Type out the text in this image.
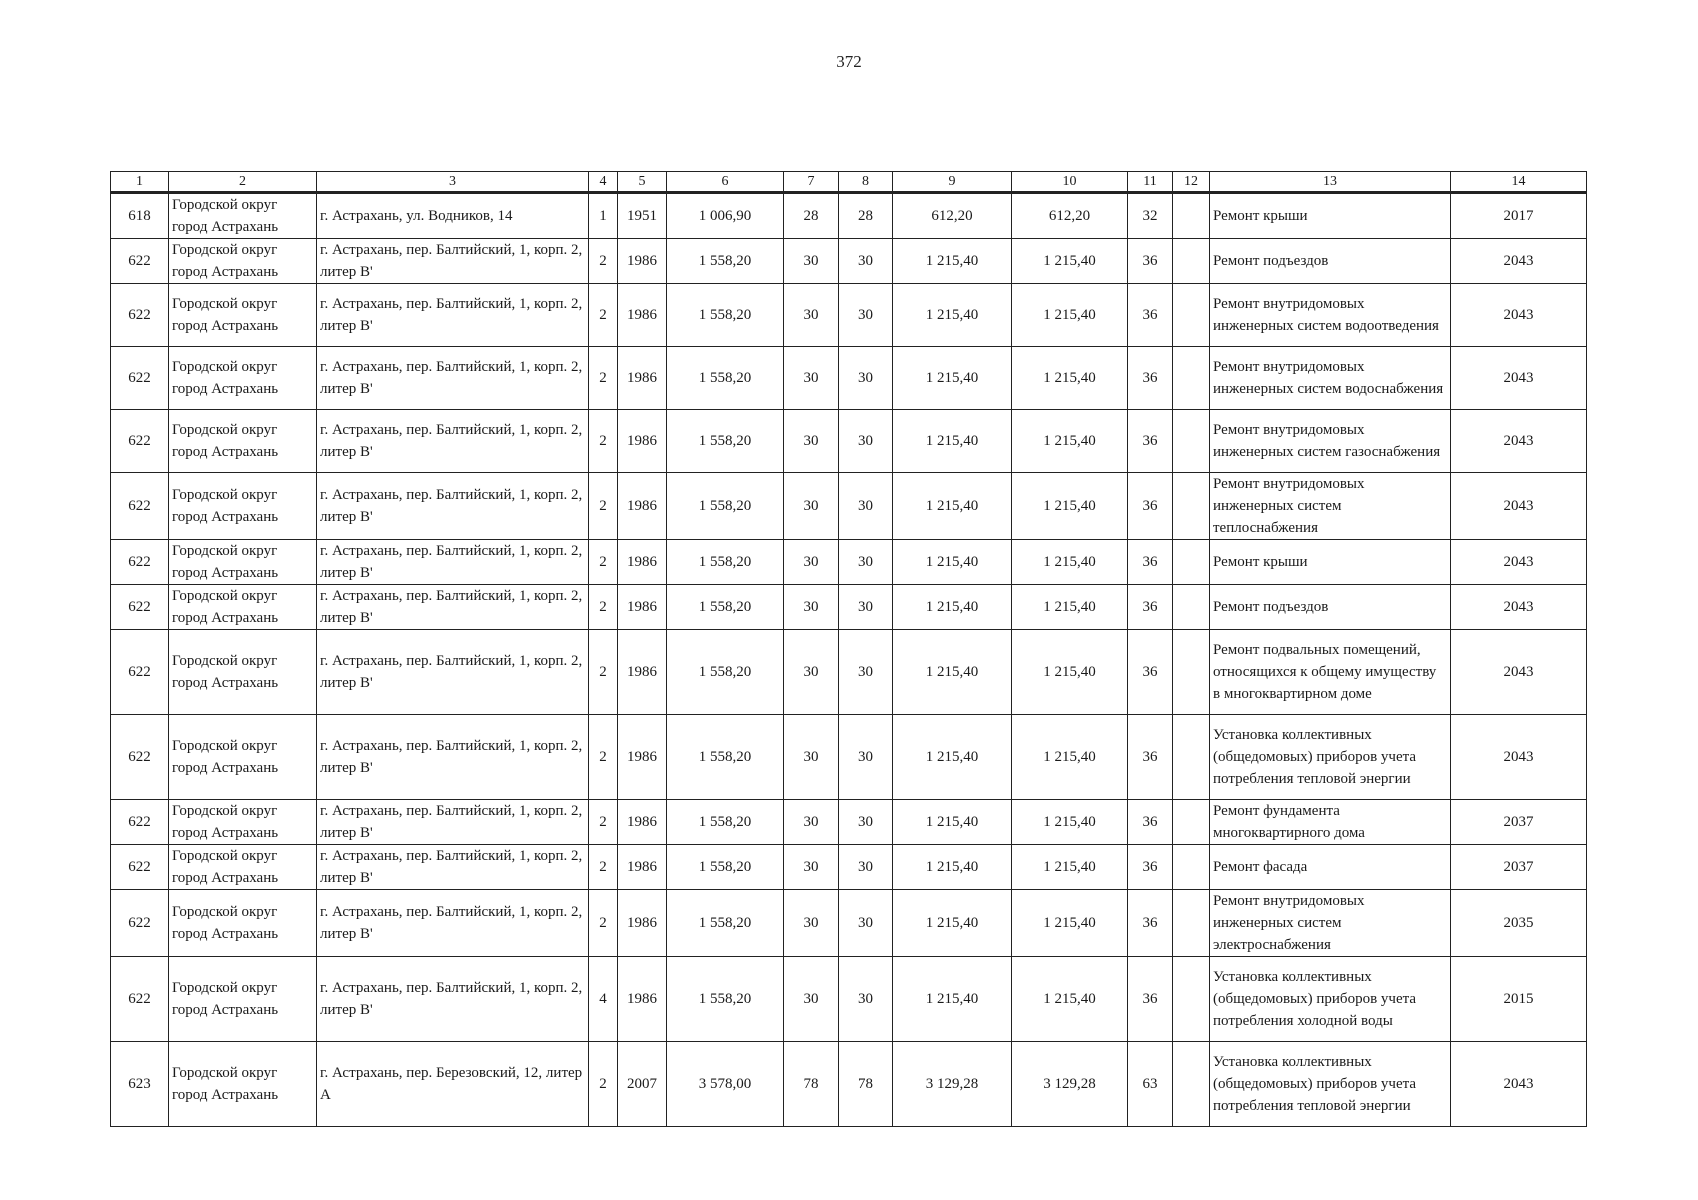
372
1	2	3	4	5	6	7	8	9	10	11	12	13	14
618	Городской округ город Астрахань	г. Астрахань, ул. Водников, 14	1	1951	1 006,90	28	28	612,20	612,20	32		Ремонт крыши	2017
622	Городской округ город Астрахань	г. Астрахань, пер. Балтийский, 1, корп. 2, литер В'	2	1986	1 558,20	30	30	1 215,40	1 215,40	36		Ремонт подъездов	2043
622	Городской округ город Астрахань	г. Астрахань, пер. Балтийский, 1, корп. 2, литер В'	2	1986	1 558,20	30	30	1 215,40	1 215,40	36		Ремонт внутридомовых инженерных систем водоотведения	2043
622	Городской округ город Астрахань	г. Астрахань, пер. Балтийский, 1, корп. 2, литер В'	2	1986	1 558,20	30	30	1 215,40	1 215,40	36		Ремонт внутридомовых инженерных систем водоснабжения	2043
622	Городской округ город Астрахань	г. Астрахань, пер. Балтийский, 1, корп. 2, литер В'	2	1986	1 558,20	30	30	1 215,40	1 215,40	36		Ремонт внутридомовых инженерных систем газоснабжения	2043
622	Городской округ город Астрахань	г. Астрахань, пер. Балтийский, 1, корп. 2, литер В'	2	1986	1 558,20	30	30	1 215,40	1 215,40	36		Ремонт внутридомовых инженерных систем теплоснабжения	2043
622	Городской округ город Астрахань	г. Астрахань, пер. Балтийский, 1, корп. 2, литер В'	2	1986	1 558,20	30	30	1 215,40	1 215,40	36		Ремонт крыши	2043
622	Городской округ город Астрахань	г. Астрахань, пер. Балтийский, 1, корп. 2, литер В'	2	1986	1 558,20	30	30	1 215,40	1 215,40	36		Ремонт подъездов	2043
622	Городской округ город Астрахань	г. Астрахань, пер. Балтийский, 1, корп. 2, литер В'	2	1986	1 558,20	30	30	1 215,40	1 215,40	36		Ремонт подвальных помещений, относящихся к общему имуществу в многоквартирном доме	2043
622	Городской округ город Астрахань	г. Астрахань, пер. Балтийский, 1, корп. 2, литер В'	2	1986	1 558,20	30	30	1 215,40	1 215,40	36		Установка коллективных (общедомовых) приборов учета потребления тепловой энергии	2043
622	Городской округ город Астрахань	г. Астрахань, пер. Балтийский, 1, корп. 2, литер В'	2	1986	1 558,20	30	30	1 215,40	1 215,40	36		Ремонт фундамента многоквартирного дома	2037
622	Городской округ город Астрахань	г. Астрахань, пер. Балтийский, 1, корп. 2, литер В'	2	1986	1 558,20	30	30	1 215,40	1 215,40	36		Ремонт фасада	2037
622	Городской округ город Астрахань	г. Астрахань, пер. Балтийский, 1, корп. 2, литер В'	2	1986	1 558,20	30	30	1 215,40	1 215,40	36		Ремонт внутридомовых инженерных систем электроснабжения	2035
622	Городской округ город Астрахань	г. Астрахань, пер. Балтийский, 1, корп. 2, литер В'	4	1986	1 558,20	30	30	1 215,40	1 215,40	36		Установка коллективных (общедомовых) приборов учета потребления холодной воды	2015
623	Городской округ город Астрахань	г. Астрахань, пер. Березовский, 12, литер А	2	2007	3 578,00	78	78	3 129,28	3 129,28	63		Установка коллективных (общедомовых) приборов учета потребления тепловой энергии	2043
